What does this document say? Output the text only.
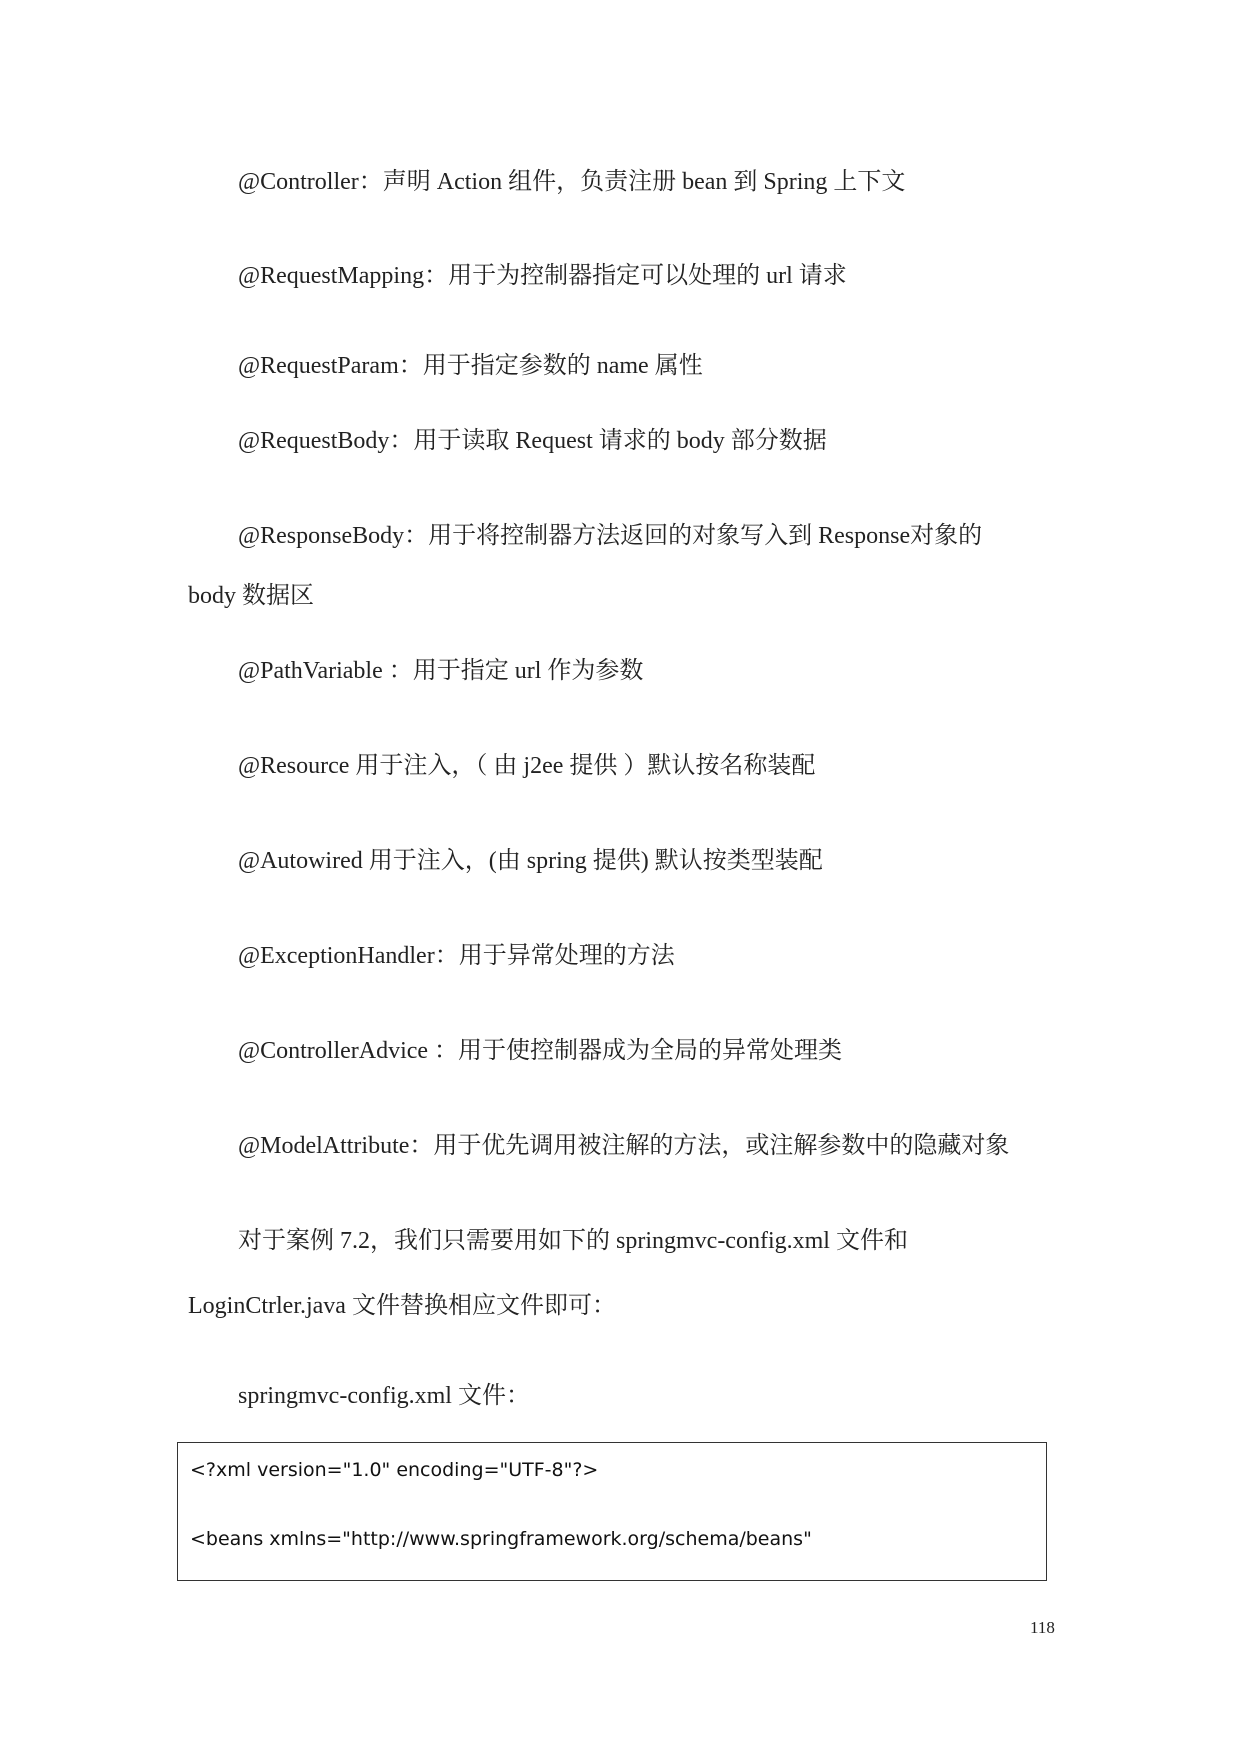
@Controller：声明 Action 组件，负责注册 bean 到 Spring 上下文
@RequestMapping：用于为控制器指定可以处理的 url 请求
@RequestParam：用于指定参数的 name 属性
@RequestBody：用于读取 Request 请求的 body 部分数据
@ResponseBody：用于将控制器方法返回的对象写入到 Response对象的
body 数据区
@PathVariable ：用于指定 url 作为参数
@Resource 用于注入，（ 由 j2ee 提供 ）默认按名称装配
@Autowired 用于注入，(由 spring 提供) 默认按类型装配
@ExceptionHandler：用于异常处理的方法
@ControllerAdvice ：用于使控制器成为全局的异常处理类
@ModelAttribute：用于优先调用被注解的方法，或注解参数中的隐藏对象
对于案例 7.2，我们只需要用如下的 springmvc-config.xml 文件和
LoginCtrler.java 文件替换相应文件即可：
springmvc-config.xml 文件：
<?xml version="1.0" encoding="UTF-8"?>
<beans xmlns="http://www.springframework.org/schema/beans"
118
